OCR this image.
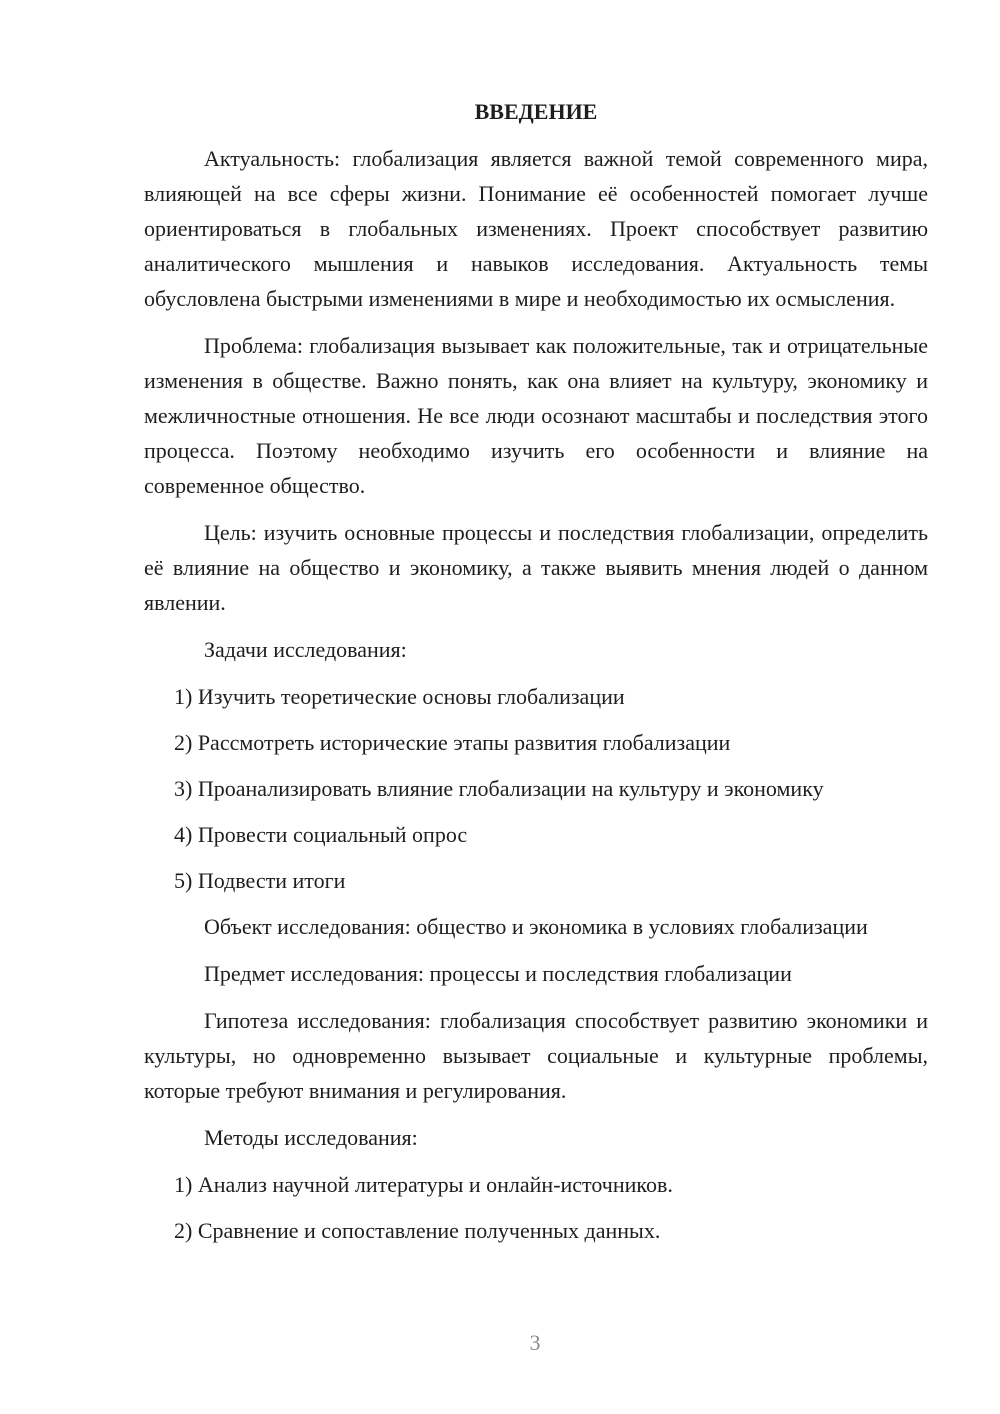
ВВЕДЕНИЕ

Актуальность: глобализация является важной темой современного мира, влияющей на все сферы жизни. Понимание её особенностей помогает лучше ориентироваться в глобальных изменениях. Проект способствует развитию аналитического мышления и навыков исследования. Актуальность темы обусловлена быстрыми изменениями в мире и необходимостью их осмысления.

Проблема: глобализация вызывает как положительные, так и отрицательные изменения в обществе. Важно понять, как она влияет на культуру, экономику и межличностные отношения. Не все люди осознают масштабы и последствия этого процесса. Поэтому необходимо изучить его особенности и влияние на современное общество.

Цель: изучить основные процессы и последствия глобализации, определить её влияние на общество и экономику, а также выявить мнения людей о данном явлении.

Задачи исследования:

1) Изучить теоретические основы глобализации

2) Рассмотреть исторические этапы развития глобализации

3) Проанализировать влияние глобализации на культуру и экономику

4) Провести социальный опрос

5) Подвести итоги

Объект исследования: общество и экономика в условиях глобализации

Предмет исследования: процессы и последствия глобализации

Гипотеза исследования: глобализация способствует развитию экономики и культуры, но одновременно вызывает социальные и культурные проблемы, которые требуют внимания и регулирования.

Методы исследования:

1) Анализ научной литературы и онлайн-источников.

2) Сравнение и сопоставление полученных данных.

3
